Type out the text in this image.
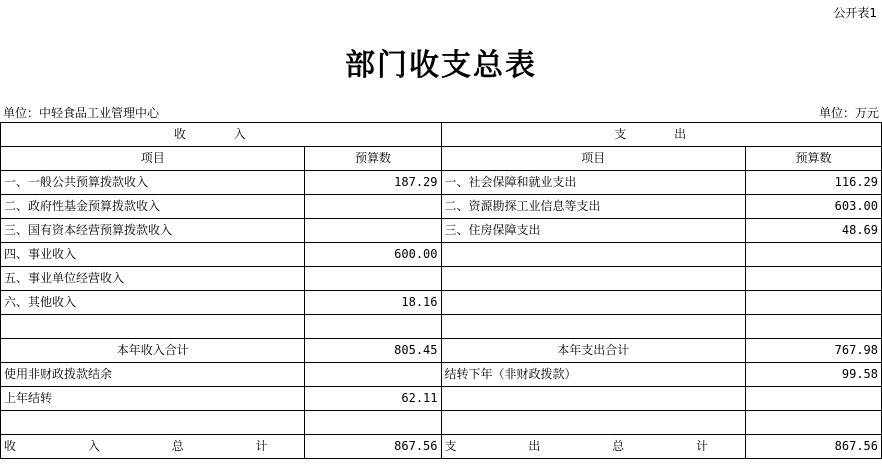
公开表1
部门收支总表
单位：中轻食品工业管理中心	单位：万元
收 入		支 出	
项目	预算数	项目	预算数
一、一般公共预算拨款收入	187.29	一、社会保障和就业支出	116.29
二、政府性基金预算拨款收入		二、资源勘探工业信息等支出	603.00
三、国有资本经营预算拨款收入		三、住房保障支出	48.69
四、事业收入	600.00		
五、事业单位经营收入			
六、其他收入	18.16		

本年收入合计	805.45	本年支出合计	767.98
使用非财政拨款结余		结转下年（非财政拨款）	99.58
上年结转	62.11		

收 入 总 计	867.56	支 出 总 计	867.56
